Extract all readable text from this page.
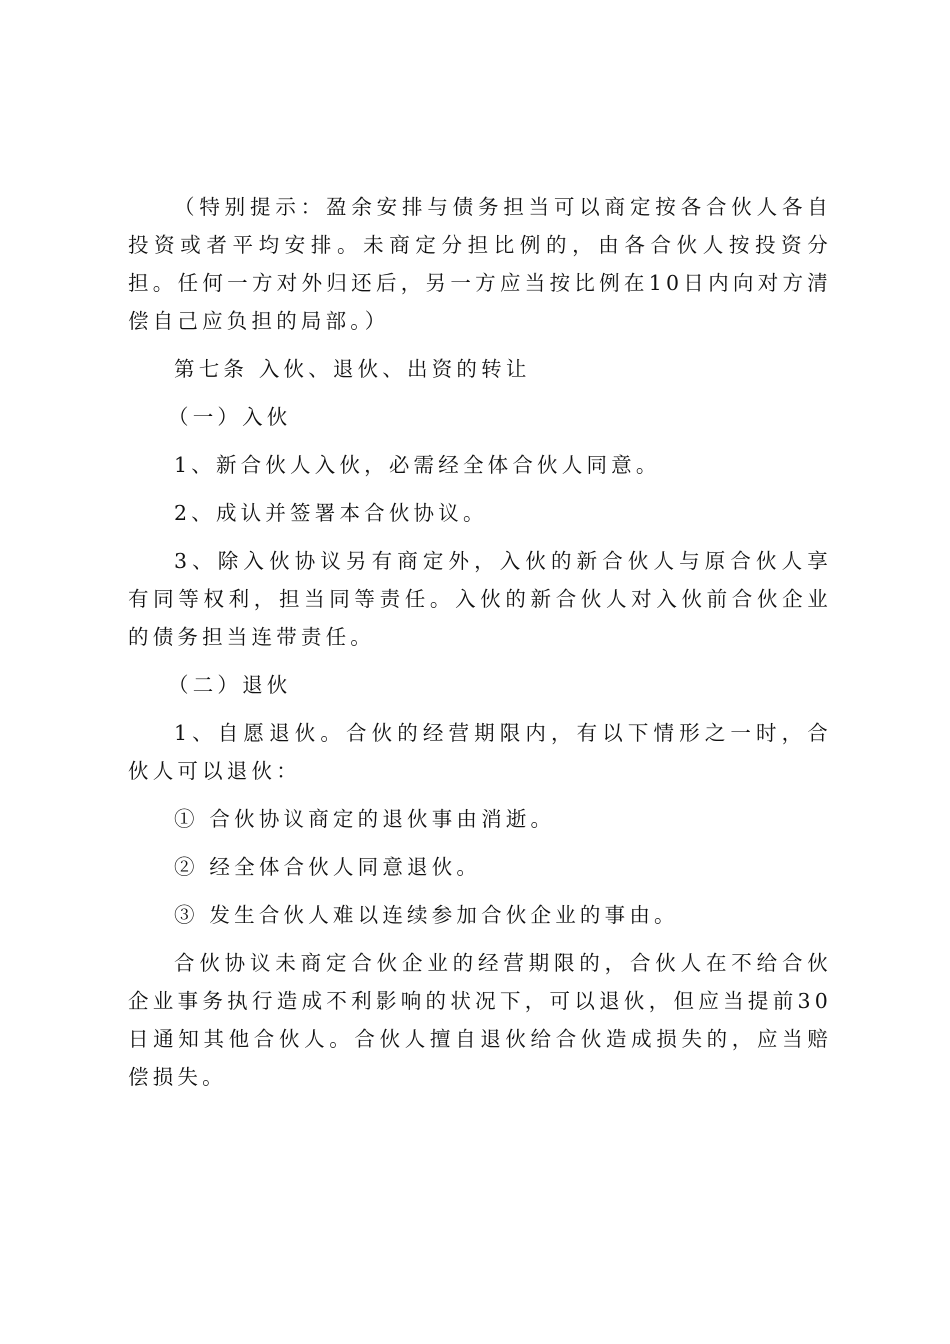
（特别提示：盈余安排与债务担当可以商定按各合伙人各自投资或者平均安排。未商定分担比例的，由各合伙人按投资分担。任何一方对外归还后，另一方应当按比例在10日内向对方清偿自己应负担的局部。）

第七条 入伙、退伙、出资的转让

（一）入伙

1、新合伙人入伙，必需经全体合伙人同意。

2、成认并签署本合伙协议。

3、除入伙协议另有商定外，入伙的新合伙人与原合伙人享有同等权利，担当同等责任。入伙的新合伙人对入伙前合伙企业的债务担当连带责任。

（二）退伙

1、自愿退伙。合伙的经营期限内，有以下情形之一时，合伙人可以退伙：

① 合伙协议商定的退伙事由消逝。

② 经全体合伙人同意退伙。

③ 发生合伙人难以连续参加合伙企业的事由。

合伙协议未商定合伙企业的经营期限的，合伙人在不给合伙企业事务执行造成不利影响的状况下，可以退伙，但应当提前30日通知其他合伙人。合伙人擅自退伙给合伙造成损失的，应当赔偿损失。
